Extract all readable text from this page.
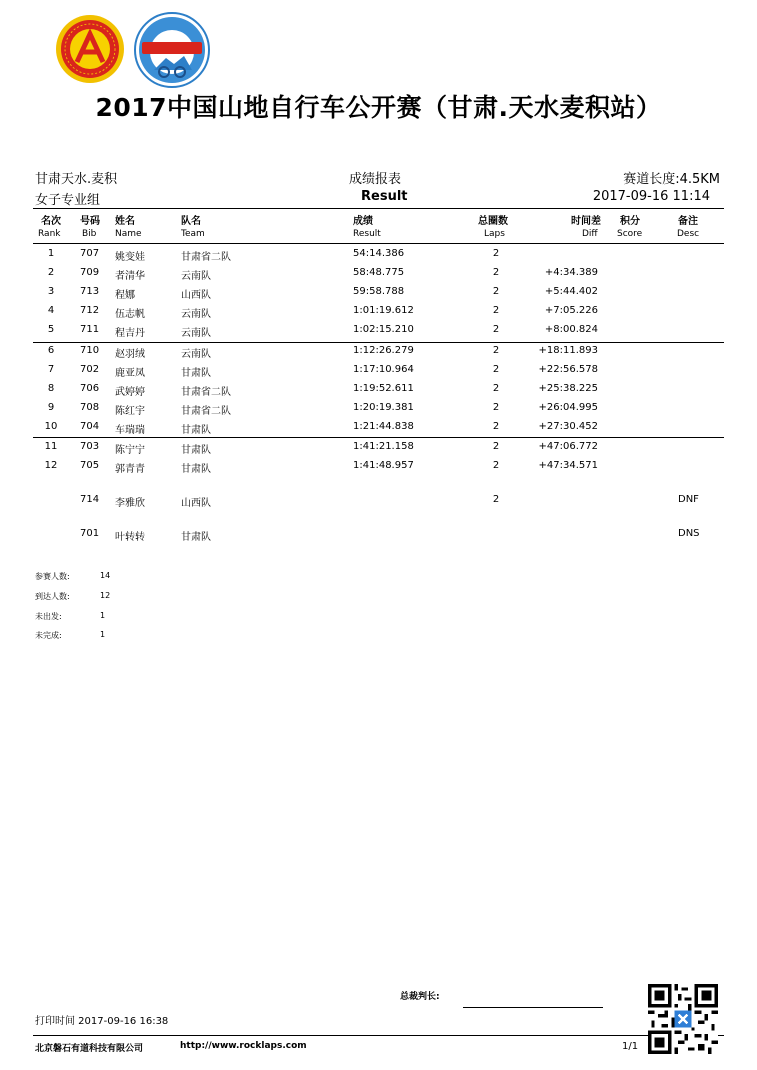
2017中国山地自行车公开赛（甘肃.天水麦积站）
甘肃天水.麦积
女子专业组
成绩报表
Result
赛道长度:4.5KM
2017-09-16 11:14
名次	号码 姓名	队名	成绩	总圈数	时间差 积分	备注
Rank Bib Name	Team	Result	Laps	Diff Score	Desc
1	707 姚变娃	甘肃省二队	54:14.386	2
2	709 者清华	云南队	58:48.775	2	+4:34.389
3	713 程娜	山西队	59:58.788	2	+5:44.402
4	712 伍志帆	云南队	1:01:19.612	2	+7:05.226
5	711 程吉丹	云南队	1:02:15.210	2	+8:00.824
6	710 赵羽绒	云南队	1:12:26.279	2	+18:11.893
7	702 鹿亚凤	甘肃队	1:17:10.964	2	+22:56.578
8	706 武婷婷	甘肃省二队	1:19:52.611	2	+25:38.225
9	708 陈红宇	甘肃省二队	1:20:19.381	2	+26:04.995
10	704 车瑞瑞	甘肃队	1:21:44.838	2	+27:30.452
11	703 陈宁宁	甘肃队	1:41:21.158	2	+47:06.772
12	705 郭青青	甘肃队	1:41:48.957	2	+47:34.571
714 李雅欣	山西队	2	DNF
701 叶转转	甘肃队	DNS
参赛人数:	14
到达人数:	12
未出发:	1
未完成:	1
总裁判长:
打印时间 2017-09-16 16:38
北京磐石有道科技有限公司	http://www.rocklaps.com	1/1
